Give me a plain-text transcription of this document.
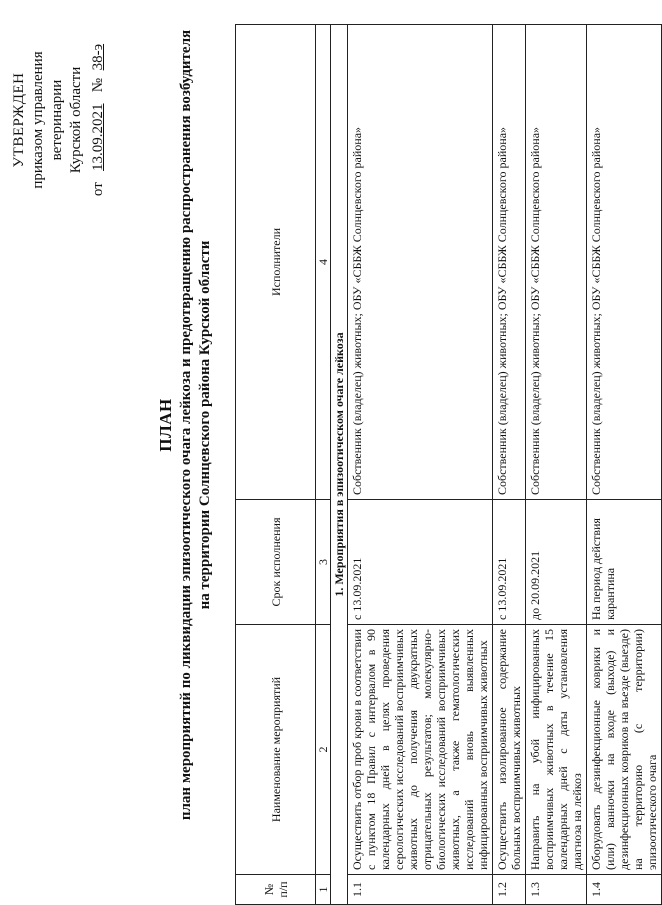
УТВЕРЖДЕН приказом управления ветеринарии Курской области
от   13.09.2021   №  38-э
ПЛАН план мероприятий по ликвидации эпизоотического очага лейкоза и предотвращению распространения возбудителя на территории Солнцевского района Курской области
№ п/п	Наименование мероприятий	Срок исполнения	Исполнители
1	2	3	4
1. Мероприятия в эпизоотическом очаге лейкоза			
1.1	Осуществить отбор проб крови в соответствии с пунктом 18 Правил с интервалом в 90 календарных дней в целях проведения серологических исследований восприимчивых животных до получения двукратных отрицательных результатов; молекулярно-биологических исследований восприимчивых животных, а также гематологических исследований вновь выявленных инфицированных восприимчивых животных	с 13.09.2021	Собственник (владелец) животных; ОБУ «СББЖ Солнцевского района»
1.2	Осуществить изолированное содержание больных восприимчивых животных	с 13.09.2021	Собственник (владелец) животных; ОБУ «СББЖ Солнцевского района»
1.3	Направить на убой инфицированных восприимчивых животных в течение 15 календарных дней с даты установления диагноза на лейкоз	до 20.09.2021	Собственник (владелец) животных; ОБУ «СББЖ Солнцевского района»
1.4	Оборудовать дезинфекционные коврики и (или) ванночки на входе (выходе) и дезинфекционных ковриков на въезде (выезде) на территорию (с территории) эпизоотического очага	На период действия карантина	Собственник (владелец) животных; ОБУ «СББЖ Солнцевского района»
